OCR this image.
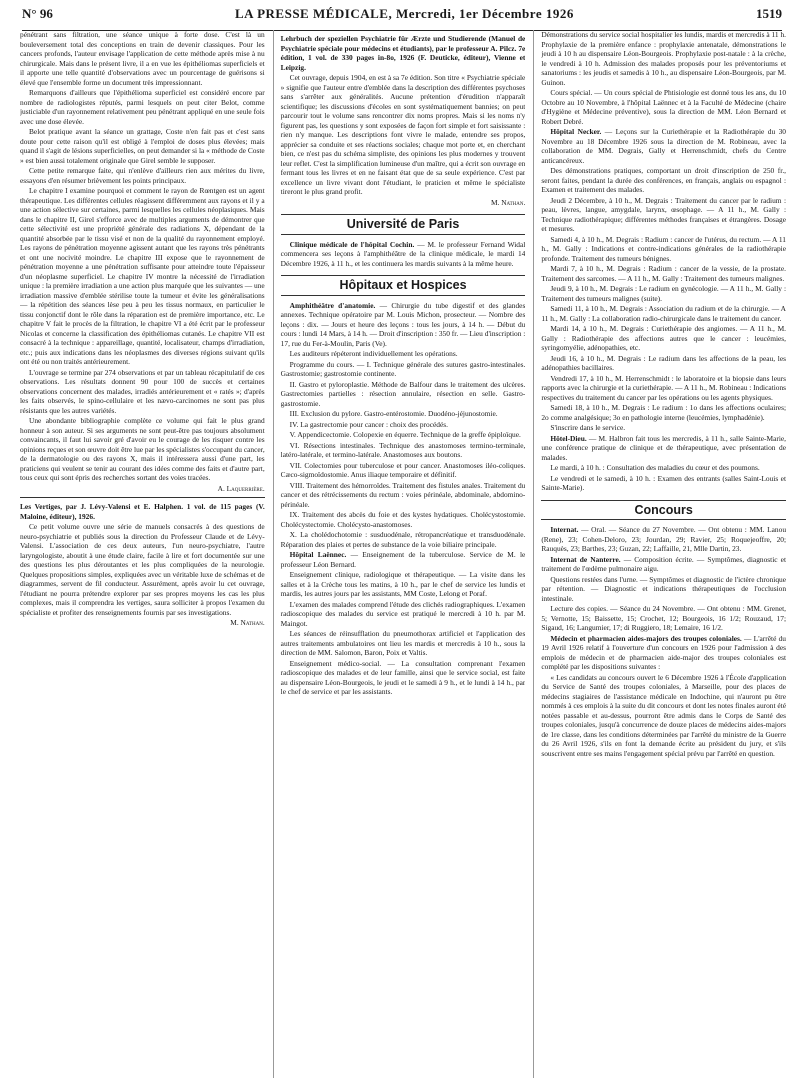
N° 96	LA PRESSE MÉDICALE, Mercredi, 1er Décembre 1926	1519

pénétrant sans filtration, une séance unique à forte dose. C'est là un bouleversement total des conceptions en train de devenir classiques. Pour les cancers profonds, l'auteur envisage l'application de cette méthode après mise à nu chirurgicale. Mais dans le présent livre, il a en vue les épithéliomas superficiels et il apporte une telle quantité d'observations avec un pourcentage de guérisons si élevé que l'ensemble forme un document très impressionnant.

Remarquons d'ailleurs que l'épithélioma superficiel est considéré encore par nombre de radiologistes réputés, parmi lesquels on peut citer Belot, comme justiciable d'un rayonnement relativement peu pénétrant appliqué en une seule fois avec une dose élevée.

Belot pratique avant la séance un grattage, Coste n'en fait pas et c'est sans doute pour cette raison qu'il est obligé à l'emploi de doses plus élevées; mais quand il s'agit de lésions superficielles, on peut demander si la « méthode de Coste » est bien aussi totalement originale que Girel semble le supposer.

Cette petite remarque faite, qui n'enlève d'ailleurs rien aux mérites du livre, essayons d'en résumer brièvement les points principaux.

Le chapitre I examine pourquoi et comment le rayon de Rœntgen est un agent thérapeutique. Les différentes cellules réagissent différemment aux rayons et il y a une action sélective sur certaines, parmi lesquelles les cellules néoplasiques. Mais dans le chapitre II, Girel s'efforce avec de multiples arguments de démontrer que cette sélectivité est une propriété générale des radiations X, dépendant de la quantité absorbée par le tissu visé et non de la qualité du rayonnement employé. Les rayons de pénétration moyenne agissent autant que les rayons très pénétrants et ont une nocivité moindre. Le chapitre III expose que le rayonnement de pénétration moyenne a une pénétration suffisante pour atteindre toute l'épaisseur d'un néoplasme superficiel. Le chapitre IV montre la nécessité de l'irradiation unique : la première irradiation a une action plus marquée que les suivantes — une irradiation massive d'emblée stérilise toute la tumeur et évite les généralisations — la répétition des séances lèse peu à peu les tissus normaux, en particulier le tissu conjonctif dont le rôle dans la réparation est de première importance, etc. Le chapitre V fait le procès de la filtration, le chapitre VI a été écrit par le professeur Nicolas et concerne la classification des épithéliomas cutanés. Le chapitre VII est consacré à la technique : appareillage, quantité, localisateur, champs d'irradiation, etc.; puis aux indications dans les néoplasmes des diverses régions suivant qu'ils ont été ou non traités antérieurement.

L'ouvrage se termine par 274 observations et par un tableau récapitulatif de ces observations. Les résultats donnent 90 pour 100 de succès et certaines observations concernent des malades, irradiés antérieurement et « ratés »; d'après les faits observés, le spino-cellulaire et les nævo-carcinomes ne sont pas plus résistants que les autres variétés.

Une abondante bibliographie complète ce volume qui fait le plus grand honneur à son auteur. Si ses arguments ne sont peut-être pas toujours absolument convaincants, il faut lui savoir gré d'avoir eu le courage de les risquer contre les opinions reçues et son œuvre doit être lue par les spécialistes s'occupant du cancer, de la dermatologie ou des rayons X, mais il intéressera aussi d'une part, les praticiens qui veulent se tenir au courant des idées comme des faits et d'autre part, tous ceux qui sont épris des recherches sortant des voies tracées.

A. Laquerrière.

Les Vertiges, par J. Lévy-Valensi et E. Halphen. 1 vol. de 115 pages (V. Maloine, éditeur), 1926.

Ce petit volume ouvre une série de manuels consacrés à des questions de neuro-psychiatrie et publiés sous la direction du Professeur Claude et de Lévy-Valensi. L'association de ces deux auteurs, l'un neuro-psychiatre, l'autre laryngologiste, aboutit à une étude claire, facile à lire et fort documentée sur une des questions les plus déroutantes et les plus compliquées de la neurologie. Quelques propositions simples, expliquées avec un véritable luxe de schémas et de diagrammes, servent de fil conducteur. Assurément, après avoir lu cet ouvrage, l'étudiant ne pourra prétendre explorer par ses propres moyens les cas les plus complexes, mais il comprendra les vertiges, saura solliciter à propos l'examen du spécialiste et profiter des renseignements fournis par ses investigations.

M. Nathan.

Lehrbuch der speziellen Psychiatrie für Ærzte und Studierende (Manuel de Psychiatrie spéciale pour médecins et étudiants), par le professeur A. Pilcz. 7e édition, 1 vol. de 330 pages in-8o, 1926 (F. Deuticke, éditeur), Vienne et Leipzig.

Cet ouvrage, depuis 1904, en est à sa 7e édition. Son titre « Psychiatrie spéciale » signifie que l'auteur entre d'emblée dans la description des différentes psychoses sans s'arrêter aux généralités. Aucune prétention d'érudition n'apparaît scientifique; les discussions d'écoles en sont systématiquement bannies; on peut parcourir tout le volume sans rencontrer dix noms propres. Mais si les noms n'y figurent pas, les questions y sont exposées de façon fort simple et fort saisissante : rien n'y manque. Les descriptions font vivre le malade, entendre ses propos, apprécier sa conduite et ses réactions sociales; chaque mot porte et, en cherchant bien, ce n'est pas du schéma simpliste, des opinions les plus modernes y trouvent leur reflet. C'est la simplification lumineuse d'un maître, qui a écrit son ouvrage en fermant tous les livres et en ne faisant état que de sa seule expérience. C'est par excellence un livre vivant dont l'étudiant, le praticien et même le spécialiste tireront le plus grand profit.

M. Nathan.
Université de Paris

Clinique médicale de l'hôpital Cochin. — M. le professeur Fernand Widal commencera ses leçons à l'amphithéâtre de la clinique médicale, le mardi 14 Décembre 1926, à 11 h., et les continuera les mardis suivants à la même heure.

Hôpitaux et Hospices

Amphithéâtre d'anatomie. — Chirurgie du tube digestif et des glandes annexes. Technique opératoire par M. Louis Michon, prosecteur. — Nombre des leçons : dix. — Jours et heure des leçons : tous les jours, à 14 h. — Début du cours : lundi 14 Mars, à 14 h. — Droit d'inscription : 350 fr. — Lieu d'inscription : 17, rue du Fer-à-Moulin, Paris (Ve).

Les auditeurs répéteront individuellement les opérations.

Programme du cours. — I. Technique générale des sutures gastro-intestinales. Gastrostomie; gastrostomie continente.

II. Gastro et pyloroplastie. Méthode de Balfour dans le traitement des ulcères. Gastrectomies partielles : résection annulaire, résection en selle. Gastro-gastrostomie.

III. Exclusion du pylore. Gastro-entérostomie. Duodéno-jéjunostomie.

IV. La gastrectomie pour cancer : choix des procédés.

V. Appendicectomie. Colopexie en équerre. Technique de la greffe épiploïque.

VI. Résections intestinales. Technique des anastomoses termino-terminale, latéro-latérale, et termino-latérale. Anastomoses aux boutons.

VII. Colectomies pour tuberculose et pour cancer. Anastomoses iléo-coliques. Cæco-sigmoïdostomie. Anus iliaque temporaire et définitif.

VIII. Traitement des hémorroïdes. Traitement des fistules anales. Traitement du cancer et des rétrécissements du rectum : voies périnéale, abdominale, abdomino-périnéale.

IX. Traitement des abcès du foie et des kystes hydatiques. Cholécystostomie. Cholécystectomie. Cholécysto-anastomoses.

X. La cholédochotomie : susduodénale, rétropancréatique et transduodénale. Réparation des plaies et pertes de substance de la voie biliaire principale.

Hôpital Laënnec. — Enseignement de la tuberculose. Service de M. le professeur Léon Bernard.

Enseignement clinique, radiologique et thérapeutique. — La visite dans les salles et à la Crèche tous les matins, à 10 h., par le chef de service les lundis et mardis, les autres jours par les assistants, MM Coste, Lelong et Poraf.

L'examen des malades comprend l'étude des clichés radiographiques. L'examen radioscopique des malades du service est pratiqué le mercredi à 10 h. par M. Maingot.

Les séances de réinsufflation du pneumothorax artificiel et l'application des autres traitements ambulatoires ont lieu les mardis et mercredis à 10 h., sous la direction de MM. Salomon, Baron, Poix et Valtis.

Enseignement médico-social. — La consultation comprenant l'examen radioscopique des malades et de leur famille, ainsi que le service social, est faite au dispensaire Léon-Bourgeois, le jeudi et le samedi à 9 h., et le lundi à 14 h., par le chef de service et par les assistants.

Démonstrations du service social hospitalier les lundis, mardis et mercredis à 11 h. Prophylaxie de la première enfance : prophylaxie antenatale, démonstrations le jeudi à 10 h au dispensaire Léon-Bourgeois. Prophylaxie post-natale : à la crèche, le vendredi à 10 h. Admission des malades proposés pour les préventoriums et sanatoriums : les jeudis et samedis à 10 h., au dispensaire Léon-Bourgeois, par M. Guinon.

Cours spécial. — Un cours spécial de Phtisiologie est donné tous les ans, du 10 Octobre au 10 Novembre, à l'hôpital Laënnec et à la Faculté de Médecine (chaire d'Hygiène et Médecine préventive), sous la direction de MM. Léon Bernard et Robert Debré.

Hôpital Necker. — Leçons sur la Curiethérapie et la Radiothérapie du 30 Novembre au 18 Décembre 1926 sous la direction de M. Robineau, avec la collaboration de MM. Degrais, Gally et Herrenschmidt, chefs du Centre anticancéreux.

Des démonstrations pratiques, comportant un droit d'inscription de 250 fr., seront faites, pendant la durée des conférences, en français, anglais ou espagnol : Examen et traitement des malades.

Jeudi 2 Décembre, à 10 h., M. Degrais : Traitement du cancer par le radium : peau, lèvres, langue, amygdale, larynx, œsophage. — A 11 h., M. Gally : Technique radiothérapique; différentes méthodes françaises et étrangères. Dosage et mesures.

Samedi 4, à 10 h., M. Degrais : Radium : cancer de l'utérus, du rectum. — A 11 h., M. Gally : Indications et contre-indications générales de la radiothérapie profonde. Traitement des tumeurs bénignes.

Mardi 7, à 10 h., M. Degrais : Radium : cancer de la vessie, de la prostate. Traitement des sarcomes. — A 11 h., M. Gally : Traitement des tumeurs malignes.

Jeudi 9, à 10 h., M. Degrais : Le radium en gynécologie. — A 11 h., M. Gally : Traitement des tumeurs malignes (suite).

Samedi 11, à 10 h., M. Degrais : Association du radium et de la chirurgie. — A 11 h., M. Gally : La collaboration radio-chirurgicale dans le traitement du cancer.

Mardi 14, à 10 h., M. Degrais : Curiethérapie des angiomes. — A 11 h., M. Gally : Radiothérapie des affections autres que le cancer : leucémies, syringomyélie, adénopathies, etc.

Jeudi 16, à 10 h., M. Degrais : Le radium dans les affections de la peau, les adénopathies bacillaires.

Vendredi 17, à 10 h., M. Herrenschmidt : le laboratoire et la biopsie dans leurs rapports avec la chirurgie et la curiethérapie. — A 11 h., M. Robineau : Indications respectives du traitement du cancer par les opérations ou les agents physiques.

Samedi 18, à 10 h., M. Degrais : Le radium : 1o dans les affections oculaires; 2o comme analgésique; 3o en pathologie interne (leucémies, lymphadénie).

S'inscrire dans le service.

Hôtel-Dieu. — M. Halbron fait tous les mercredis, à 11 h., salle Sainte-Marie, une conférence pratique de clinique et de thérapeutique, avec présentation de malades.

Le mardi, à 10 h. : Consultation des maladies du cœur et des poumons.

Le vendredi et le samedi, à 10 h. : Examen des entrants (salles Saint-Louis et Sainte-Marie).

Concours

Internat. — Oral. — Séance du 27 Novembre. — Ont obtenu : MM. Lanou (Rene), 23; Cohen-Deloro, 23; Jourdan, 29; Ravier, 25; Roquejeoffre, 20; Rauquès, 23; Barthes, 23; Guzan, 22; Laffaille, 21, Mlle Dartin, 23.

Internat de Nanterre. — Composition écrite. — Symptômes, diagnostic et traitement de l'œdème pulmonaire aigu.

Questions restées dans l'urne. — Symptômes et diagnostic de l'ictère chronique par rétention. — Diagnostic et indications thérapeutiques de l'occlusion intestinale.

Lecture des copies. — Séance du 24 Novembre. — Ont obtenu : MM. Grenet, 5; Vernotte, 15; Baissette, 15; Crochet, 12; Bourgeois, 16 1/2; Rouzaud, 17; Sigaud, 16; Langumier, 17; di Ruggiero, 18; Lemaire, 16 1/2.

Médecin et pharmacien aides-majors des troupes coloniales. — L'arrêté du 19 Avril 1926 relatif à l'ouverture d'un concours en 1926 pour l'admission à des emplois de médecin et de pharmacien aide-major des troupes coloniales est complété par les dispositions suivantes :

« Les candidats au concours ouvert le 6 Décembre 1926 à l'École d'application du Service de Santé des troupes coloniales, à Marseille, pour des places de médecins stagiaires de l'assistance médicale en Indochine, qui n'auront pu être nommés à ces emplois à la suite du dit concours et dont les notes finales auront été notées passable et au-dessus, pourront être admis dans le Corps de Santé des troupes coloniales, jusqu'à concurrence de douze places de médecins aides-majors de 1re classe, dans les conditions déterminées par l'arrêté du ministre de la Guerre du 26 Avril 1926, s'ils en font la demande écrite au président du jury, et s'ils souscrivent entre ses mains l'engagement spécial prévu par l'arrêté en question.
